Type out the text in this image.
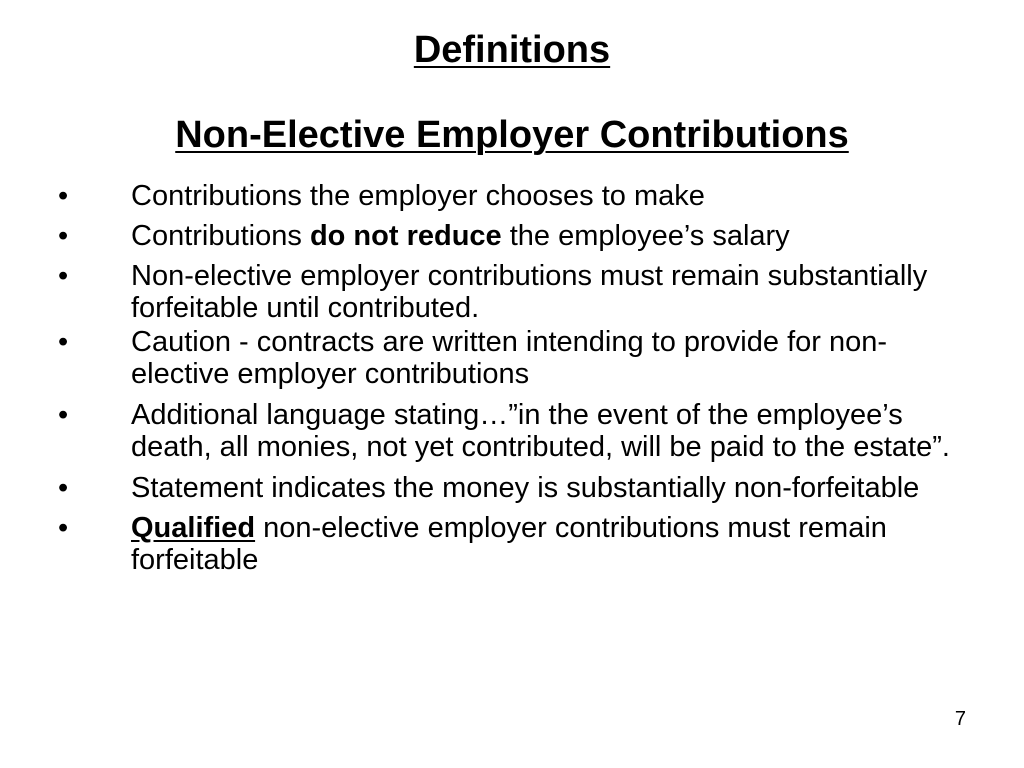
Definitions
Non-Elective Employer Contributions
•	Contributions the employer chooses to make
•	Contributions do not reduce the employee’s salary
•	Non-elective employer contributions must remain substantially forfeitable until contributed.
•	Caution - contracts are written intending to provide for non-elective employer contributions
•	Additional language stating…”in the event of the employee’s death, all monies, not yet contributed, will be paid to the estate”.
•	Statement indicates the money is substantially non-forfeitable
•	Qualified non-elective employer contributions must remain forfeitable
7
